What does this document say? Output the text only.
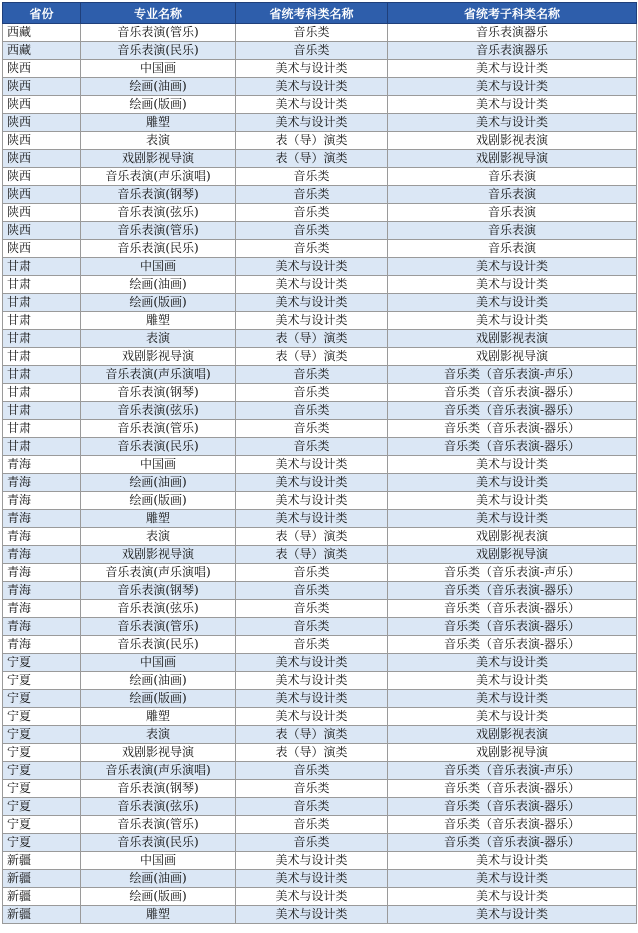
省份	专业名称	省统考科类名称	省统考子科类名称
西藏	音乐表演(管乐)	音乐类	音乐表演器乐
西藏	音乐表演(民乐)	音乐类	音乐表演器乐
陕西	中国画	美术与设计类	美术与设计类
陕西	绘画(油画)	美术与设计类	美术与设计类
陕西	绘画(版画)	美术与设计类	美术与设计类
陕西	雕塑	美术与设计类	美术与设计类
陕西	表演	表（导）演类	戏剧影视表演
陕西	戏剧影视导演	表（导）演类	戏剧影视导演
陕西	音乐表演(声乐演唱)	音乐类	音乐表演
陕西	音乐表演(钢琴)	音乐类	音乐表演
陕西	音乐表演(弦乐)	音乐类	音乐表演
陕西	音乐表演(管乐)	音乐类	音乐表演
陕西	音乐表演(民乐)	音乐类	音乐表演
甘肃	中国画	美术与设计类	美术与设计类
甘肃	绘画(油画)	美术与设计类	美术与设计类
甘肃	绘画(版画)	美术与设计类	美术与设计类
甘肃	雕塑	美术与设计类	美术与设计类
甘肃	表演	表（导）演类	戏剧影视表演
甘肃	戏剧影视导演	表（导）演类	戏剧影视导演
甘肃	音乐表演(声乐演唱)	音乐类	音乐类（音乐表演-声乐）
甘肃	音乐表演(钢琴)	音乐类	音乐类（音乐表演-器乐）
甘肃	音乐表演(弦乐)	音乐类	音乐类（音乐表演-器乐）
甘肃	音乐表演(管乐)	音乐类	音乐类（音乐表演-器乐）
甘肃	音乐表演(民乐)	音乐类	音乐类（音乐表演-器乐）
青海	中国画	美术与设计类	美术与设计类
青海	绘画(油画)	美术与设计类	美术与设计类
青海	绘画(版画)	美术与设计类	美术与设计类
青海	雕塑	美术与设计类	美术与设计类
青海	表演	表（导）演类	戏剧影视表演
青海	戏剧影视导演	表（导）演类	戏剧影视导演
青海	音乐表演(声乐演唱)	音乐类	音乐类（音乐表演-声乐）
青海	音乐表演(钢琴)	音乐类	音乐类（音乐表演-器乐）
青海	音乐表演(弦乐)	音乐类	音乐类（音乐表演-器乐）
青海	音乐表演(管乐)	音乐类	音乐类（音乐表演-器乐）
青海	音乐表演(民乐)	音乐类	音乐类（音乐表演-器乐）
宁夏	中国画	美术与设计类	美术与设计类
宁夏	绘画(油画)	美术与设计类	美术与设计类
宁夏	绘画(版画)	美术与设计类	美术与设计类
宁夏	雕塑	美术与设计类	美术与设计类
宁夏	表演	表（导）演类	戏剧影视表演
宁夏	戏剧影视导演	表（导）演类	戏剧影视导演
宁夏	音乐表演(声乐演唱)	音乐类	音乐类（音乐表演-声乐）
宁夏	音乐表演(钢琴)	音乐类	音乐类（音乐表演-器乐）
宁夏	音乐表演(弦乐)	音乐类	音乐类（音乐表演-器乐）
宁夏	音乐表演(管乐)	音乐类	音乐类（音乐表演-器乐）
宁夏	音乐表演(民乐)	音乐类	音乐类（音乐表演-器乐）
新疆	中国画	美术与设计类	美术与设计类
新疆	绘画(油画)	美术与设计类	美术与设计类
新疆	绘画(版画)	美术与设计类	美术与设计类
新疆	雕塑	美术与设计类	美术与设计类
